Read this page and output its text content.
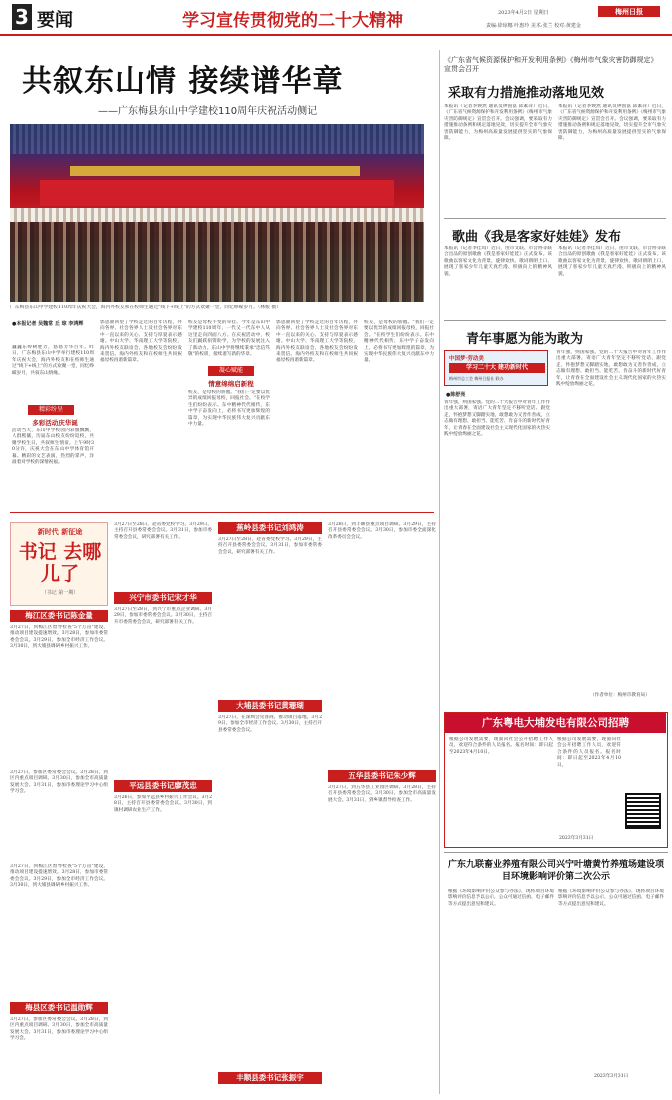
3 要闻	学习宣传贯彻党的二十大精神	梅州日报
2023年4月2日 星期日
责编:徐琼娜 叶惠玲 美术:张兰 校对:黄建金
共叙东山情 接续谱华章
——广东梅县东山中学建校110周年庆祝活动侧记
广东梅县东山中学建校110周年庆祝大会，海内外校友和在校师生通过"线下+线上"的方式欢聚一堂，同忆峥嵘岁月。（林粮 摄）
●本报记者 吴魏常 丘 琼 李鸿辉
巍巍东岭树胜芳，悠悠芳华百年。昨日，广东梅县东山中学举行建校110周年庆祝大会，海内外校友和在校师生通过"线下+线上"的方式欢聚一堂，同忆峥嵘岁月，共叙东山情缘。
精彩纷呈
多彩活动庆华诞
活动当天，东山中学校园内彩旗飘飘，人群熙攘，历届东山校友纷纷返校，共聚学校生日，共叙师生情谊。上午9时30分许，庆祝大会在东山中学体育馆开幕。精彩的文艺表演，热烈的掌声，洋溢着对学校的深情祝福。
郭思骏回望了学校走过的百年历程，并向各界、社会各界人士及社会各界对东中一直以来的关心、支持与厚爱表示感谢。中山大学、华南理工大学等院校，海内外校友联谊会、各地校友会纷纷发来贺信。海内外校友和在校师生共同祝福母校再谱新篇章。
凝心赋能
情意绵绵启新程
校友是母校不变的牵挂。今年是东山中学建校110周年，一代又一代东中人从这里走向四面八方。在庆祝活动中，校友们踊跃捐资助学，为学校的发展注入了新动力。东山中学将继续秉承"忠信笃敬"的校训，接续谱写新的华章。
校友，是母校的骄傲。"我们一定要以优异的成绩回报母校，回报社会。"在校学生们纷纷表示。东中精神代代相传，东中学子奋发向上，必将书写更加辉煌的篇章，为实现中华民族伟大复兴贡献东中力量。
郭思骏回望了学校走过的百年历程，并向各界、社会各界人士及社会各界对东中一直以来的关心、支持与厚爱表示感谢。中山大学、华南理工大学等院校，海内外校友联谊会、各地校友会纷纷发来贺信。海内外校友和在校师生共同祝福母校再谱新篇章。
校友，是母校的骄傲。"我们一定要以优异的成绩回报母校，回报社会。"在校学生们纷纷表示。东中精神代代相传，东中学子奋发向上，必将书写更加辉煌的篇章，为实现中华民族伟大复兴贡献东中力量。
《广东省气候资源保护和开发利用条例》《梅州市气象灾害防御规定》宣贯会召开
采取有力措施推动落地见效
本报讯（记者李焕然 通讯员钟国富 邱素萍）近日，《广东省气候资源保护和开发利用条例》《梅州市气象灾害防御规定》宣贯会召开。会议强调，要采取有力措施推动条例和规定落地见效，切实提升全市气象灾害防御能力，为梅州高质量发展提供坚实的气象保障。
本报讯（记者李焕然 通讯员钟国富 邱素萍）近日，《广东省气候资源保护和开发利用条例》《梅州市气象灾害防御规定》宣贯会召开。会议强调，要采取有力措施推动条例和规定落地见效，切实提升全市气象灾害防御能力，为梅州高质量发展提供坚实的气象保障。
歌曲《我是客家好娃娃》发布
本报讯（记者李佳琪）近日，由市文联、市音协等联合出品的原创歌曲《我是客家好娃娃》正式发布。该歌曲以客家文化为背景，旋律欢快、歌词朗朗上口，展现了客家少年儿童天真烂漫、积极向上的精神风貌。
本报讯（记者李佳琪）近日，由市文联、市音协等联合出品的原创歌曲《我是客家好娃娃》正式发布。该歌曲以客家文化为背景，旋律欢快、歌词朗朗上口，展现了客家少年儿童天真烂漫、积极向上的精神风貌。
青年事愿为能为敢为
中国梦·劳动美
学习二十大 建功新时代
梅州市总工会 梅州日报社 联办
●陈舒亮
青年强，则国家强。党的二十大报告中对青年工作作出重大部署，寄语广大青年坚定不移听党话、跟党走，怀抱梦想又脚踏实地，敢想敢为又善作善成，立志做有理想、敢担当、能吃苦、肯奋斗的新时代好青年，让青春在全面建设社会主义现代化国家的火热实践中绽放绚丽之花。
青年强，则国家强。党的二十大报告中对青年工作作出重大部署，寄语广大青年坚定不移听党话、跟党走，怀抱梦想又脚踏实地，敢想敢为又善作善成，立志做有理想、敢担当、能吃苦、肯奋斗的新时代好青年，让青春在全面建设社会主义现代化国家的火热实践中绽放绚丽之花。
（作者单位：梅州市教育局）
广东粤电大埔发电有限公司招聘
根据公司发展需要，现面向社会公开招聘工作人员，欢迎符合条件的人员报名。报名时间：即日起至2023年4月10日。
根据公司发展需要，现面向社会公开招聘工作人员，欢迎符合条件的人员报名。报名时间：即日起至2023年4月10日。
2023年3月31日
广东九联畜业养殖有限公司兴宁叶塘黄竹养殖场建设项目环境影响评价第二次公示
根据《环境影响评价公众参与办法》，现将项目环境影响评价信息予以公示，公众可通过信函、电子邮件等方式提出意见和建议。
根据《环境影响评价公众参与办法》，现将项目环境影响评价信息予以公示，公众可通过信函、电子邮件等方式提出意见和建议。
2023年3月31日
新时代 新征途
书记 去哪儿了
（书记 第一期）
梅江区委书记陈金量
3月27日，到梅江区督导检查"5个万亩"建设，推动项目建设提速增效。3月28日，参加市委常委会会议。3月29日，参加全市经济工作会议。3月30日，到大埔县调研乡村振兴工作。
3月27日，参加区委常委会会议。3月28日，到区内重点项目调研。3月30日，参加全市高质量发展大会。3月31日，参加市委理论学习中心组学习会。
梅县区委书记温勋辉
3月27日，参加区委常委会会议。3月28日，到区内重点项目调研。3月30日，参加全市高质量发展大会。3月31日，参加市委理论学习中心组学习会。
3月27日，到梅江区督导检查"5个万亩"建设，推动项目建设提速增效。3月28日，参加市委常委会会议。3月29日，参加全市经济工作会议。3月30日，到大埔县调研乡村振兴工作。
3月27日至28日，赴省委党校学习。3月29日，主持召开县委常委会会议。3月31日，参加市委常委会会议，研究部署有关工作。
兴宁市委书记宋才华
3月27日至28日，到兴宁市重点企业调研。3月29日，参加市委常委会会议。3月30日，主持召开市委常委会会议，研究部署有关工作。
平远县委书记廖茂忠
3月26日，参加平远县乡村振兴工作会议。3月28日，主持召开县委常委会会议。3月30日，到镇村调研农业生产工作。
蕉岭县委书记刘鸿涛
3月27日至28日，赴省委党校学习。3月29日，主持召开县委常委会会议。3月31日，参加市委常委会会议，研究部署有关工作。
大埔县委书记黄珊瑚
3月27日，在深圳会见客商，推动项目落地。3月29日，参加全市经济工作会议。3月30日，主持召开县委常委会会议。
丰顺县委书记张振宇
3月28日，到丰顺县重点项目调研。3月29日，主持召开县委常委会会议。3月30日，参加市委全面深化改革委员会会议。
五华县委书记朱少辉
3月27日，到五华县工业园区调研。3月28日，主持召开县委常委会会议。3月30日，参加全市高质量发展大会。3月31日，到乡镇督导检查工作。
